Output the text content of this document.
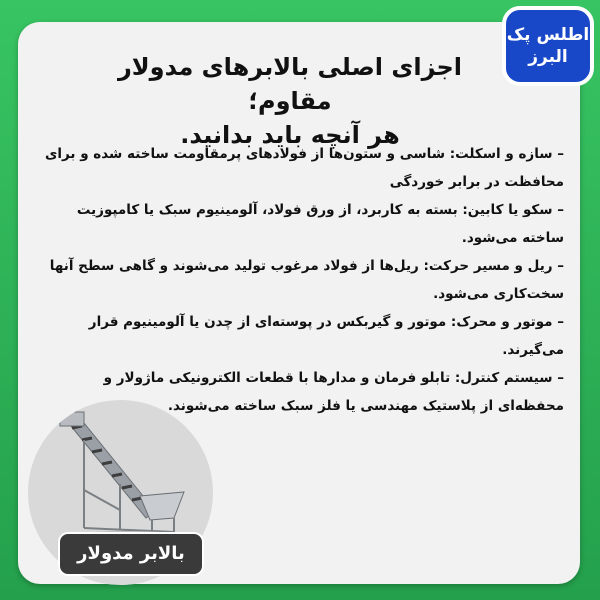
اطلس پک
البرز
اجزای اصلی بالابرهای مدولار مقاوم؛
هر آنچه باید بدانید.
– سازه و اسکلت: شاسی و ستون‌ها از فولادهای پرمقاومت ساخته شده و برای محافظت در برابر خوردگی
– سکو یا کابین: بسته به کاربرد، از ورق فولاد، آلومینیوم سبک یا کامپوزیت ساخته می‌شود.
– ریل و مسیر حرکت: ریل‌ها از فولاد مرغوب تولید می‌شوند و گاهی سطح آنها سخت‌کاری می‌شود.
– موتور و محرک: موتور و گیربکس در پوسته‌ای از چدن یا آلومینیوم قرار می‌گیرند.
– سیستم کنترل: تابلو فرمان و مدارها با قطعات الکترونیکی ماژولار و محفظه‌ای از پلاستیک مهندسی یا فلز سبک ساخته می‌شوند.
بالابر مدولار
